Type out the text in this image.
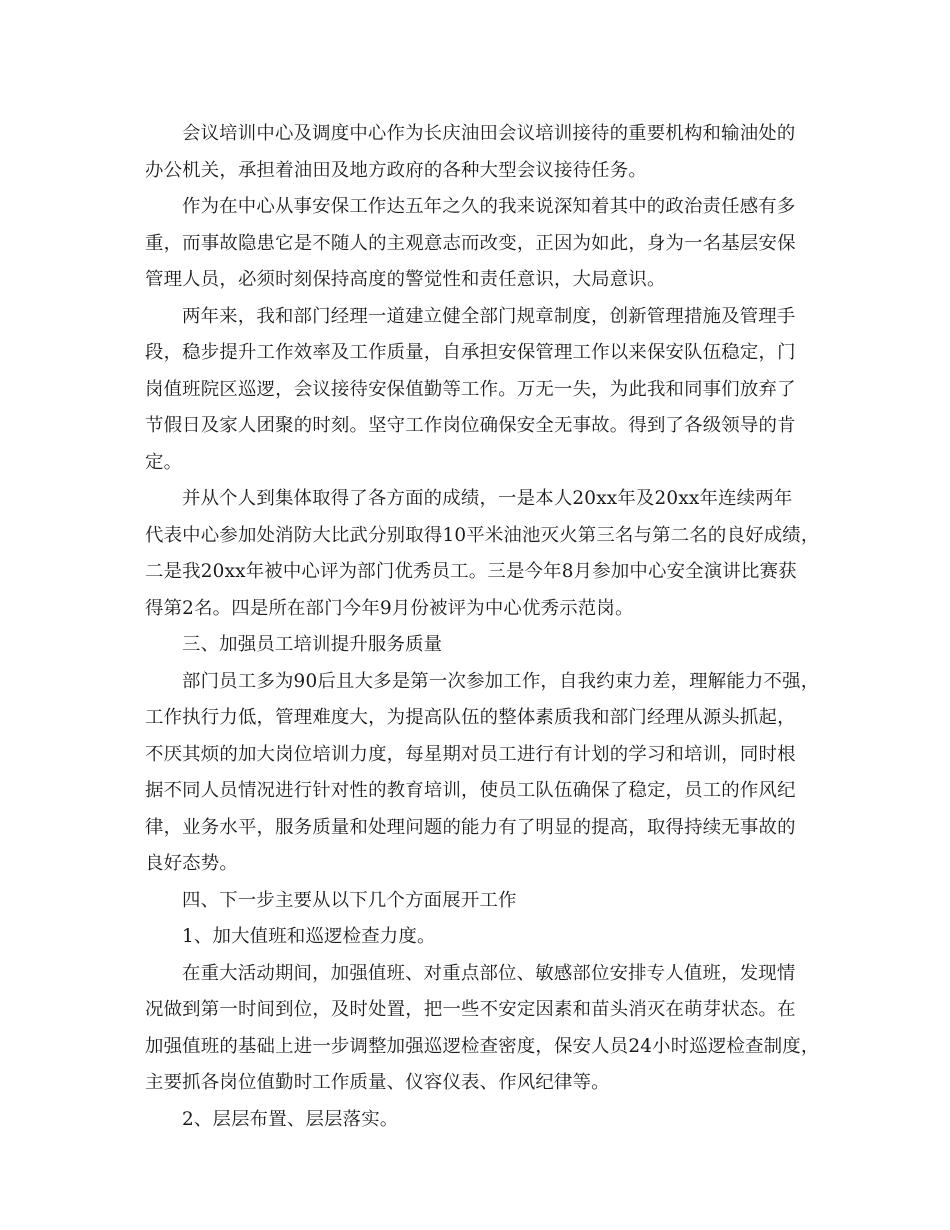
会议培训中心及调度中心作为长庆油田会议培训接待的重要机构和输油处的
办公机关，承担着油田及地方政府的各种大型会议接待任务。
作为在中心从事安保工作达五年之久的我来说深知着其中的政治责任感有多
重，而事故隐患它是不随人的主观意志而改变，正因为如此，身为一名基层安保
管理人员，必须时刻保持高度的警觉性和责任意识，大局意识。
两年来，我和部门经理一道建立健全部门规章制度，创新管理措施及管理手
段，稳步提升工作效率及工作质量，自承担安保管理工作以来保安队伍稳定，门
岗值班院区巡逻，会议接待安保值勤等工作。万无一失，为此我和同事们放弃了
节假日及家人团聚的时刻。坚守工作岗位确保安全无事故。得到了各级领导的肯
定。
并从个人到集体取得了各方面的成绩，一是本人20xx年及20xx年连续两年
代表中心参加处消防大比武分别取得10平米油池灭火第三名与第二名的良好成绩，
二是我20xx年被中心评为部门优秀员工。三是今年8月参加中心安全演讲比赛获
得第2名。四是所在部门今年9月份被评为中心优秀示范岗。
三、加强员工培训提升服务质量
部门员工多为90后且大多是第一次参加工作，自我约束力差，理解能力不强，
工作执行力低，管理难度大，为提高队伍的整体素质我和部门经理从源头抓起，
不厌其烦的加大岗位培训力度，每星期对员工进行有计划的学习和培训，同时根
据不同人员情况进行针对性的教育培训，使员工队伍确保了稳定，员工的作风纪
律，业务水平，服务质量和处理问题的能力有了明显的提高，取得持续无事故的
良好态势。
四、下一步主要从以下几个方面展开工作
1、加大值班和巡逻检查力度。
在重大活动期间，加强值班、对重点部位、敏感部位安排专人值班，发现情
况做到第一时间到位，及时处置，把一些不安定因素和苗头消灭在萌芽状态。在
加强值班的基础上进一步调整加强巡逻检查密度，保安人员24小时巡逻检查制度，
主要抓各岗位值勤时工作质量、仪容仪表、作风纪律等。
2、层层布置、层层落实。
